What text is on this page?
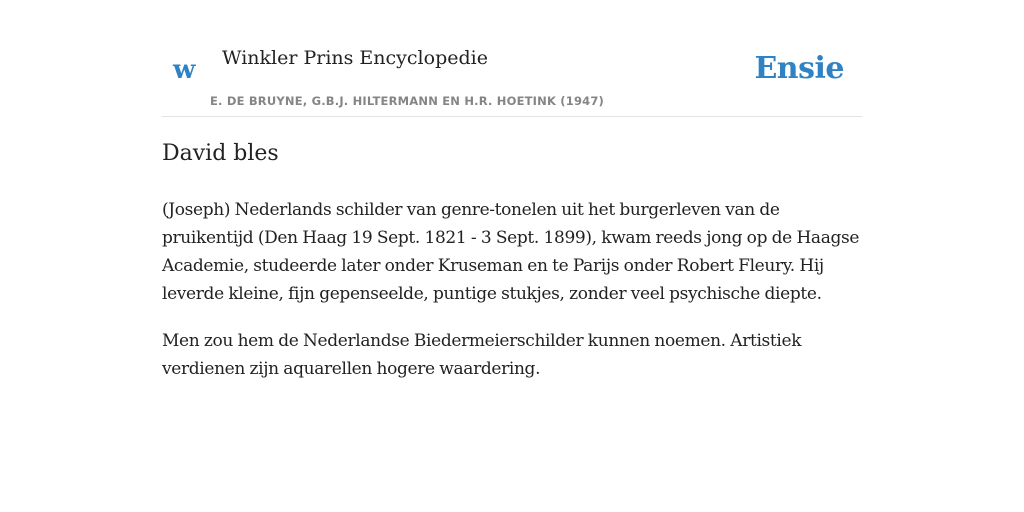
w Winkler Prins Encyclopedie
E. DE BRUYNE, G.B.J. HILTERMANN EN H.R. HOETINK (1947)
Ensie
David bles

(Joseph) Nederlands schilder van genre-tonelen uit het burgerleven van de pruikentijd (Den Haag 19 Sept. 1821 - 3 Sept. 1899), kwam reeds jong op de Haagse Academie, studeerde later onder Kruseman en te Parijs onder Robert Fleury. Hij leverde kleine, fijn gepenseelde, puntige stukjes, zonder veel psychische diepte.

Men zou hem de Nederlandse Biedermeierschilder kunnen noemen. Artistiek verdienen zijn aquarellen hogere waardering.
